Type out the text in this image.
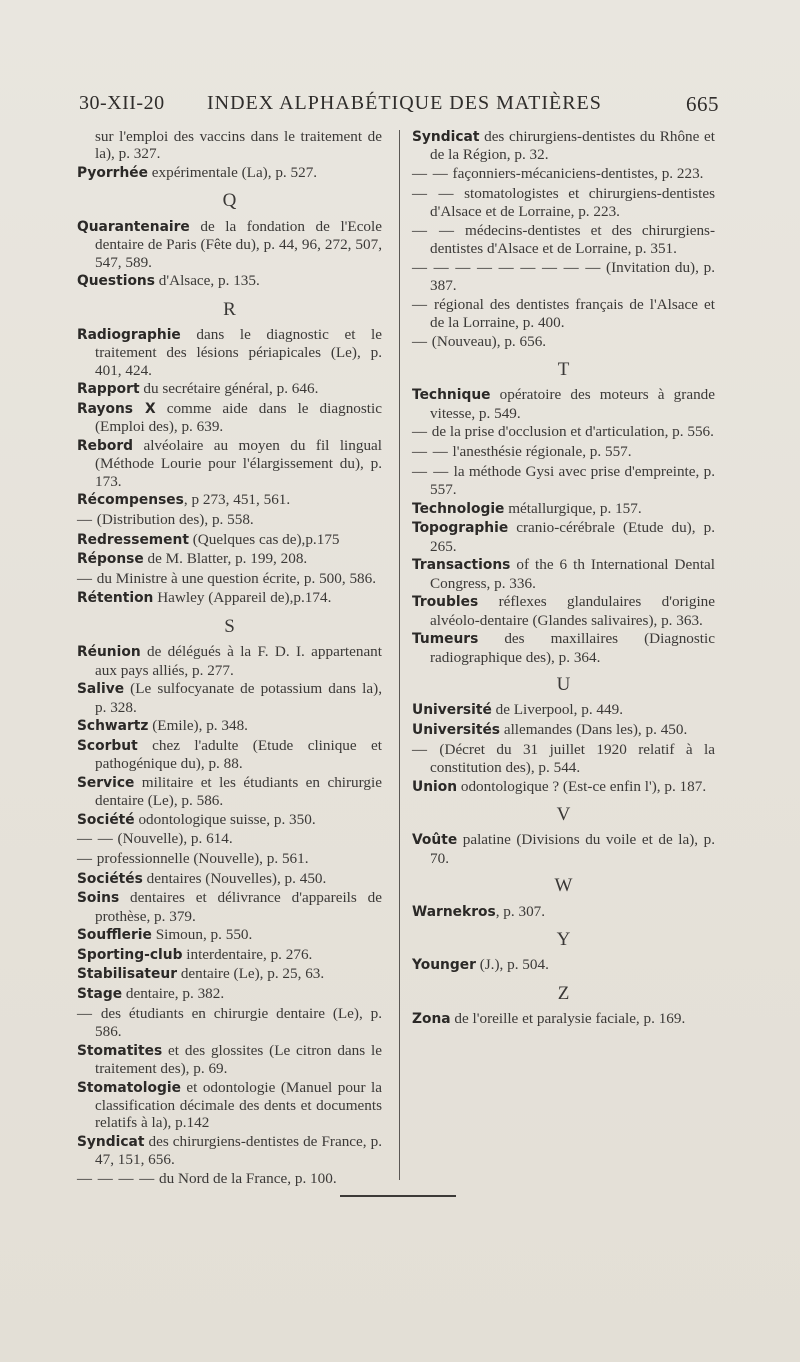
30-XII-20 INDEX ALPHABÉTIQUE DES MATIÈRES	665
sur l'emploi des vaccins dans le traitement de la), p. 327.
Pyorrhée expérimentale (La), p. 527.
Q
Quarantenaire de la fondation de l'Ecole dentaire de Paris (Fête du), p. 44, 96, 272, 507, 547, 589.
Questions d'Alsace, p. 135.
R
Radiographie dans le diagnostic et le traitement des lésions périapicales (Le), p. 401, 424.
Rapport du secrétaire général, p. 646.
Rayons X comme aide dans le diagnostic (Emploi des), p. 639.
Rebord alvéolaire au moyen du fil lingual (Méthode Lourie pour l'élargissement du), p. 173.
Récompenses, p 273, 451, 561.
— (Distribution des), p. 558.
Redressement (Quelques cas de),p.175
Réponse de M. Blatter, p. 199, 208.
— du Ministre à une question écrite, p. 500, 586.
Rétention Hawley (Appareil de),p.174.
S
Réunion de délégués à la F. D. I. appartenant aux pays alliés, p. 277.
Salive (Le sulfocyanate de potassium dans la), p. 328.
Schwartz (Emile), p. 348.
Scorbut chez l'adulte (Etude clinique et pathogénique du), p. 88.
Service militaire et les étudiants en chirurgie dentaire (Le), p. 586.
Société odontologique suisse, p. 350.
— — (Nouvelle), p. 614.
— professionnelle (Nouvelle), p. 561.
Sociétés dentaires (Nouvelles), p. 450.
Soins dentaires et délivrance d'appareils de prothèse, p. 379.
Soufflerie Simoun, p. 550.
Sporting-club interdentaire, p. 276.
Stabilisateur dentaire (Le), p. 25, 63.
Stage dentaire, p. 382.
— des étudiants en chirurgie dentaire (Le), p. 586.
Stomatites et des glossites (Le citron dans le traitement des), p. 69.
Stomatologie et odontologie (Manuel pour la classification décimale des dents et documents relatifs à la), p.142
Syndicat des chirurgiens-dentistes de France, p. 47, 151, 656.
— — — — du Nord de la France, p. 100.
Syndicat des chirurgiens-dentistes du Rhône et de la Région, p. 32.
— — façonniers-mécaniciens-dentistes, p. 223.
— — stomatologistes et chirurgiens-dentistes d'Alsace et de Lorraine, p. 223.
— — médecins-dentistes et des chirurgiens-dentistes d'Alsace et de Lorraine, p. 351.
— — — — — — — — — (Invitation du), p. 387.
— régional des dentistes français de l'Alsace et de la Lorraine, p. 400.
— (Nouveau), p. 656.
T
Technique opératoire des moteurs à grande vitesse, p. 549.
— de la prise d'occlusion et d'articulation, p. 556.
— — l'anesthésie régionale, p. 557.
— — la méthode Gysi avec prise d'empreinte, p. 557.
Technologie métallurgique, p. 157.
Topographie cranio-cérébrale (Etude du), p. 265.
Transactions of the 6 th International Dental Congress, p. 336.
Troubles réflexes glandulaires d'origine alvéolo-dentaire (Glandes salivaires), p. 363.
Tumeurs des maxillaires (Diagnostic radiographique des), p. 364.
U
Université de Liverpool, p. 449.
Universités allemandes (Dans les), p. 450.
— (Décret du 31 juillet 1920 relatif à la constitution des), p. 544.
Union odontologique ? (Est-ce enfin l'), p. 187.
V
Voûte palatine (Divisions du voile et de la), p. 70.
W
Warnekros, p. 307.
Y
Younger (J.), p. 504.
Z
Zona de l'oreille et paralysie faciale, p. 169.
